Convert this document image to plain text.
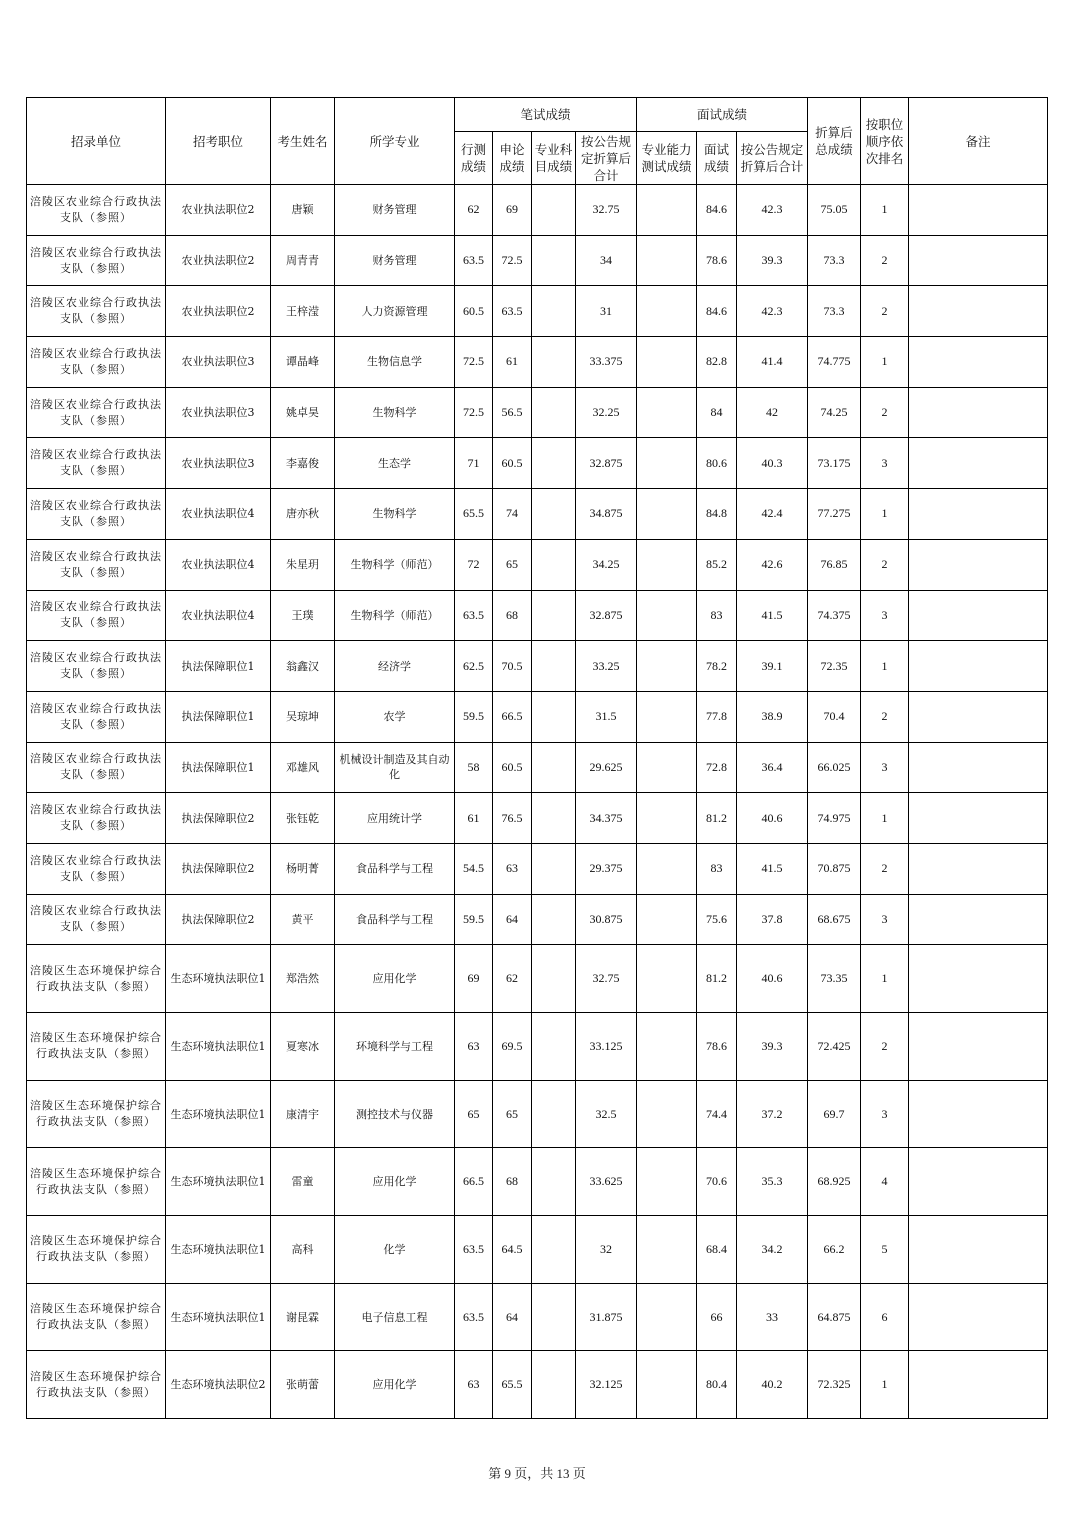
招录单位	招考职位	考生姓名	所学专业	笔试成绩				面试成绩			折算后总成绩	按职位顺序依次排名	备注
				行测成绩	申论成绩	专业科目成绩	按公告规定折算后合计	专业能力测试成绩	面试成绩	按公告规定折算后合计			
涪陵区农业综合行政执法支队（参照）	农业执法职位2	唐颖	财务管理	62	69		32.75		84.6	42.3	75.05	1	
涪陵区农业综合行政执法支队（参照）	农业执法职位2	周青青	财务管理	63.5	72.5		34		78.6	39.3	73.3	2	
涪陵区农业综合行政执法支队（参照）	农业执法职位2	王梓滢	人力资源管理	60.5	63.5		31		84.6	42.3	73.3	2	
涪陵区农业综合行政执法支队（参照）	农业执法职位3	谭晶峰	生物信息学	72.5	61		33.375		82.8	41.4	74.775	1	
涪陵区农业综合行政执法支队（参照）	农业执法职位3	姚卓昊	生物科学	72.5	56.5		32.25		84	42	74.25	2	
涪陵区农业综合行政执法支队（参照）	农业执法职位3	李嘉俊	生态学	71	60.5		32.875		80.6	40.3	73.175	3	
涪陵区农业综合行政执法支队（参照）	农业执法职位4	唐亦秋	生物科学	65.5	74		34.875		84.8	42.4	77.275	1	
涪陵区农业综合行政执法支队（参照）	农业执法职位4	朱星玥	生物科学（师范）	72	65		34.25		85.2	42.6	76.85	2	
涪陵区农业综合行政执法支队（参照）	农业执法职位4	王璞	生物科学（师范）	63.5	68		32.875		83	41.5	74.375	3	
涪陵区农业综合行政执法支队（参照）	执法保障职位1	翁鑫汉	经济学	62.5	70.5		33.25		78.2	39.1	72.35	1	
涪陵区农业综合行政执法支队（参照）	执法保障职位1	吴琼坤	农学	59.5	66.5		31.5		77.8	38.9	70.4	2	
涪陵区农业综合行政执法支队（参照）	执法保障职位1	邓雄风	机械设计制造及其自动化	58	60.5		29.625		72.8	36.4	66.025	3	
涪陵区农业综合行政执法支队（参照）	执法保障职位2	张钰乾	应用统计学	61	76.5		34.375		81.2	40.6	74.975	1	
涪陵区农业综合行政执法支队（参照）	执法保障职位2	杨明菁	食品科学与工程	54.5	63		29.375		83	41.5	70.875	2	
涪陵区农业综合行政执法支队（参照）	执法保障职位2	黄平	食品科学与工程	59.5	64		30.875		75.6	37.8	68.675	3	
涪陵区生态环境保护综合行政执法支队（参照）	生态环境执法职位1	郑浩然	应用化学	69	62		32.75		81.2	40.6	73.35	1	
涪陵区生态环境保护综合行政执法支队（参照）	生态环境执法职位1	夏寒冰	环境科学与工程	63	69.5		33.125		78.6	39.3	72.425	2	
涪陵区生态环境保护综合行政执法支队（参照）	生态环境执法职位1	康清宇	测控技术与仪器	65	65		32.5		74.4	37.2	69.7	3	
涪陵区生态环境保护综合行政执法支队（参照）	生态环境执法职位1	雷童	应用化学	66.5	68		33.625		70.6	35.3	68.925	4	
涪陵区生态环境保护综合行政执法支队（参照）	生态环境执法职位1	高科	化学	63.5	64.5		32		68.4	34.2	66.2	5	
涪陵区生态环境保护综合行政执法支队（参照）	生态环境执法职位1	谢昆霖	电子信息工程	63.5	64		31.875		66	33	64.875	6	
涪陵区生态环境保护综合行政执法支队（参照）	生态环境执法职位2	张萌蕾	应用化学	63	65.5		32.125		80.4	40.2	72.325	1	
第 9 页，共 13 页
